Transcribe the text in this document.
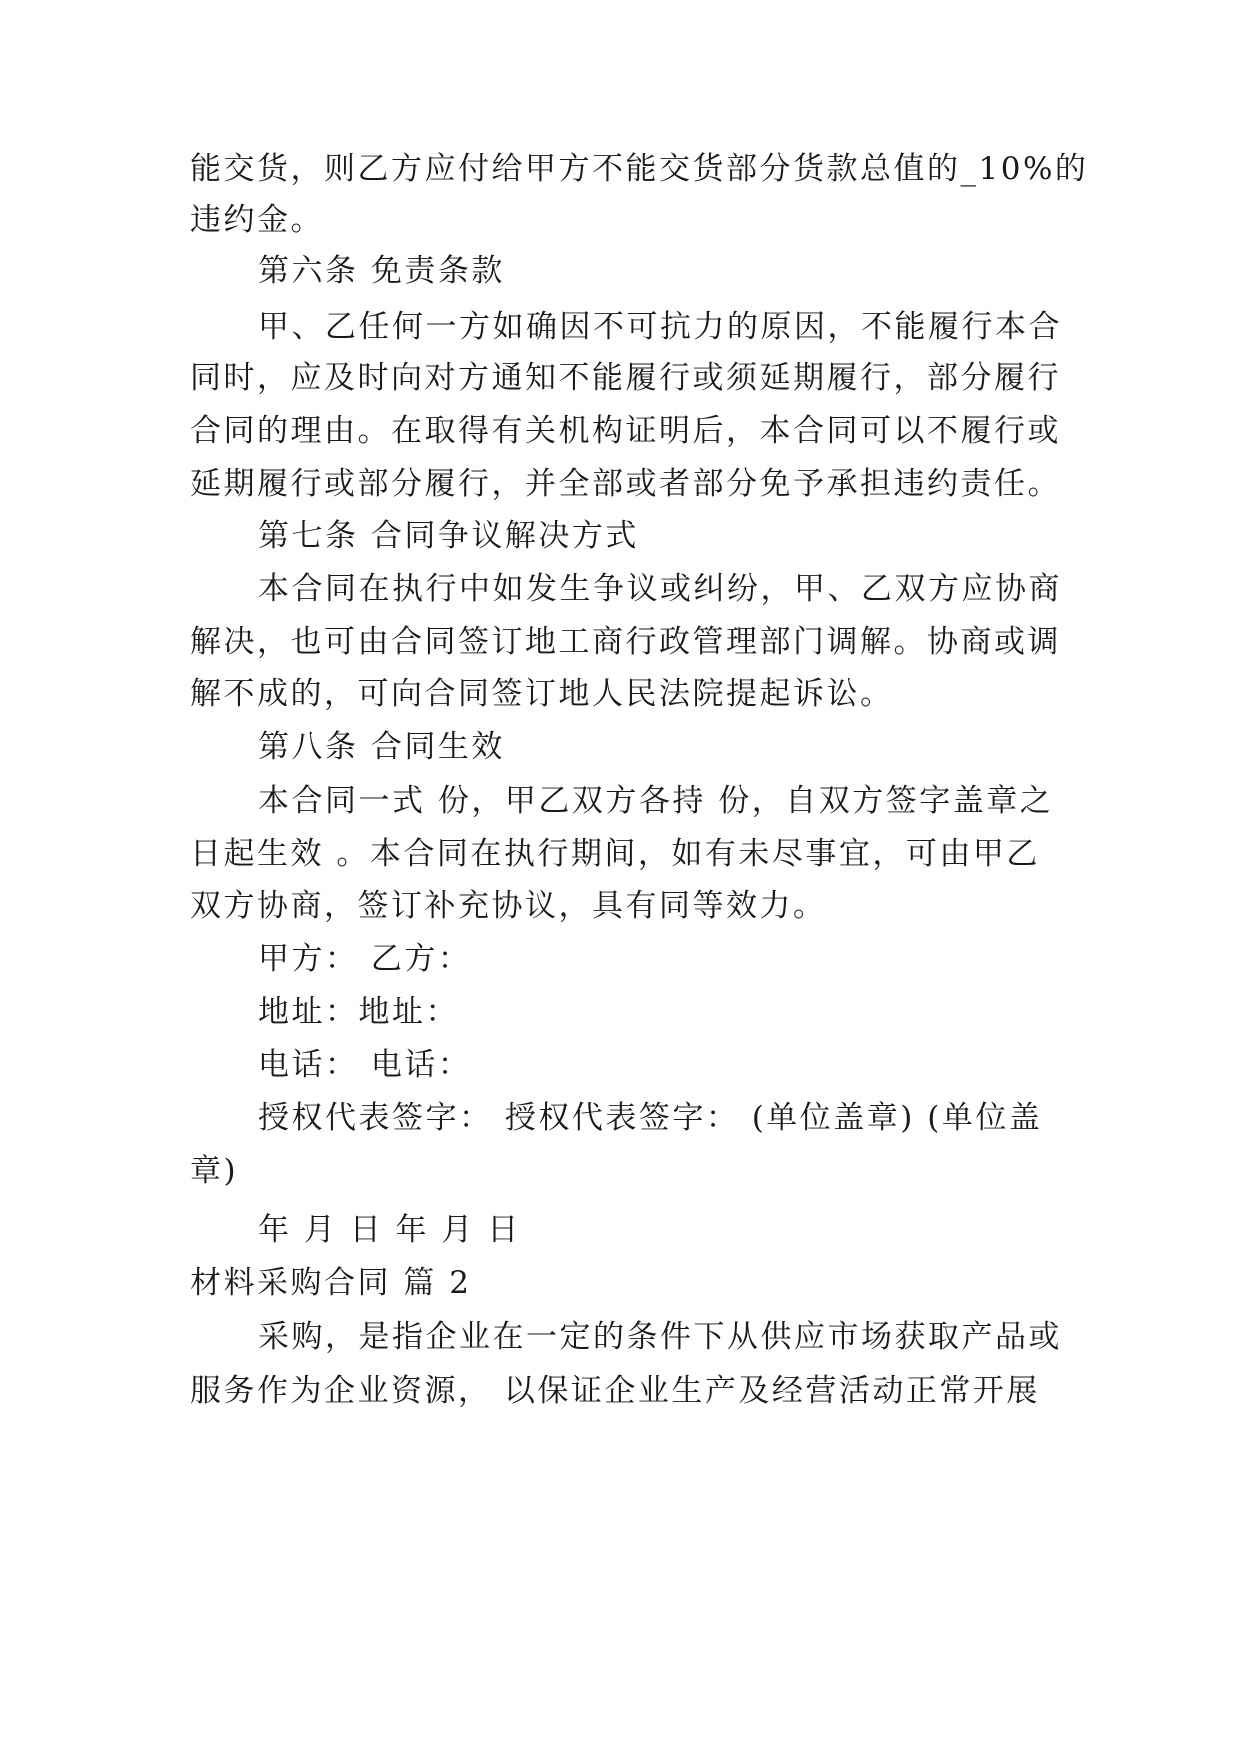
能交货，则乙方应付给甲方不能交货部分货款总值的_10%的
违约金。
第六条 免责条款
甲、乙任何一方如确因不可抗力的原因，不能履行本合
同时，应及时向对方通知不能履行或须延期履行，部分履行
合同的理由。在取得有关机构证明后，本合同可以不履行或
延期履行或部分履行，并全部或者部分免予承担违约责任。
第七条 合同争议解决方式
本合同在执行中如发生争议或纠纷，甲、乙双方应协商
解决，也可由合同签订地工商行政管理部门调解。协商或调
解不成的，可向合同签订地人民法院提起诉讼。
第八条 合同生效
本合同一式 份，甲乙双方各持 份，自双方签字盖章之
日起生效 。本合同在执行期间，如有未尽事宜，可由甲乙
双方协商，签订补充协议，具有同等效力。
甲方： 乙方：
地址：地址：
电话： 电话：
授权代表签字： 授权代表签字： (单位盖章) (单位盖
章)
年 月 日 年 月 日
材料采购合同 篇 2
采购，是指企业在一定的条件下从供应市场获取产品或
服务作为企业资源， 以保证企业生产及经营活动正常开展
